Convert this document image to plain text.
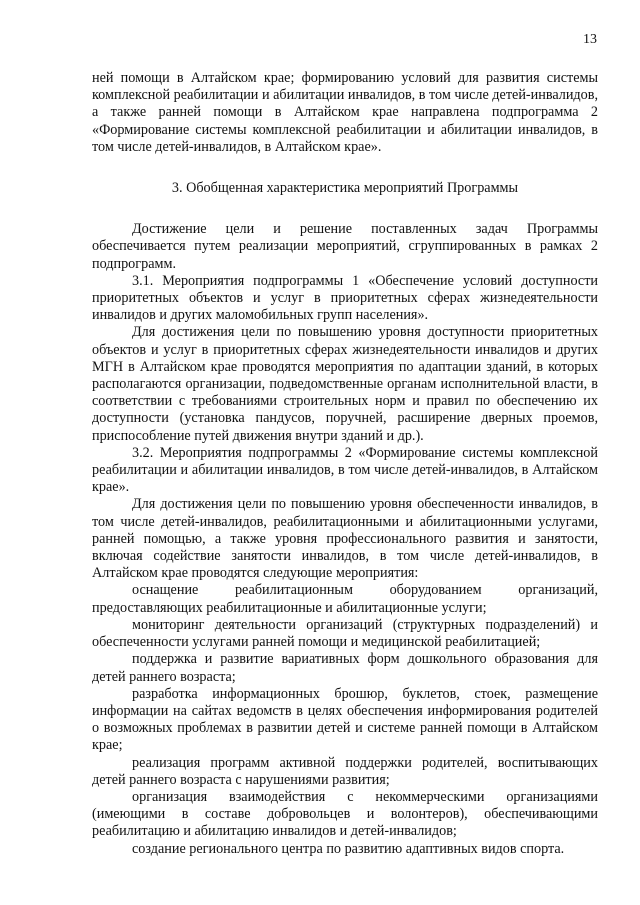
13

ней помощи в Алтайском крае; формированию условий для развития системы комплексной реабилитации и абилитации инвалидов, в том числе детей-инвалидов, а также ранней помощи в Алтайском крае направлена подпрограмма 2 «Формирование системы комплексной реабилитации и абилитации инвалидов, в том числе детей-инвалидов, в Алтайском крае».

3. Обобщенная характеристика мероприятий Программы

Достижение цели и решение поставленных задач Программы обеспечивается путем реализации мероприятий, сгруппированных в рамках 2 подпрограмм.

3.1. Мероприятия подпрограммы 1 «Обеспечение условий доступности приоритетных объектов и услуг в приоритетных сферах жизнедеятельности инвалидов и других маломобильных групп населения».

Для достижения цели по повышению уровня доступности приоритетных объектов и услуг в приоритетных сферах жизнедеятельности инвалидов и других МГН в Алтайском крае проводятся мероприятия по адаптации зданий, в которых располагаются организации, подведомственные органам исполнительной власти, в соответствии с требованиями строительных норм и правил по обеспечению их доступности (установка пандусов, поручней, расширение дверных проемов, приспособление путей движения внутри зданий и др.).

3.2. Мероприятия подпрограммы 2 «Формирование системы комплексной реабилитации и абилитации инвалидов, в том числе детей-инвалидов, в Алтайском крае».

Для достижения цели по повышению уровня обеспеченности инвалидов, в том числе детей-инвалидов, реабилитационными и абилитационными услугами, ранней помощью, а также уровня профессионального развития и занятости, включая содействие занятости инвалидов, в том числе детей-инвалидов, в Алтайском крае проводятся следующие мероприятия:

оснащение реабилитационным оборудованием организаций, предоставляющих реабилитационные и абилитационные услуги;

мониторинг деятельности организаций (структурных подразделений) и обеспеченности услугами ранней помощи и медицинской реабилитацией;

поддержка и развитие вариативных форм дошкольного образования для детей раннего возраста;

разработка информационных брошюр, буклетов, стоек, размещение информации на сайтах ведомств в целях обеспечения информирования родителей о возможных проблемах в развитии детей и системе ранней помощи в Алтайском крае;

реализация программ активной поддержки родителей, воспитывающих детей раннего возраста с нарушениями развития;

организация взаимодействия с некоммерческими организациями (имеющими в составе добровольцев и волонтеров), обеспечивающими реабилитацию и абилитацию инвалидов и детей-инвалидов;

создание регионального центра по развитию адаптивных видов спорта.
